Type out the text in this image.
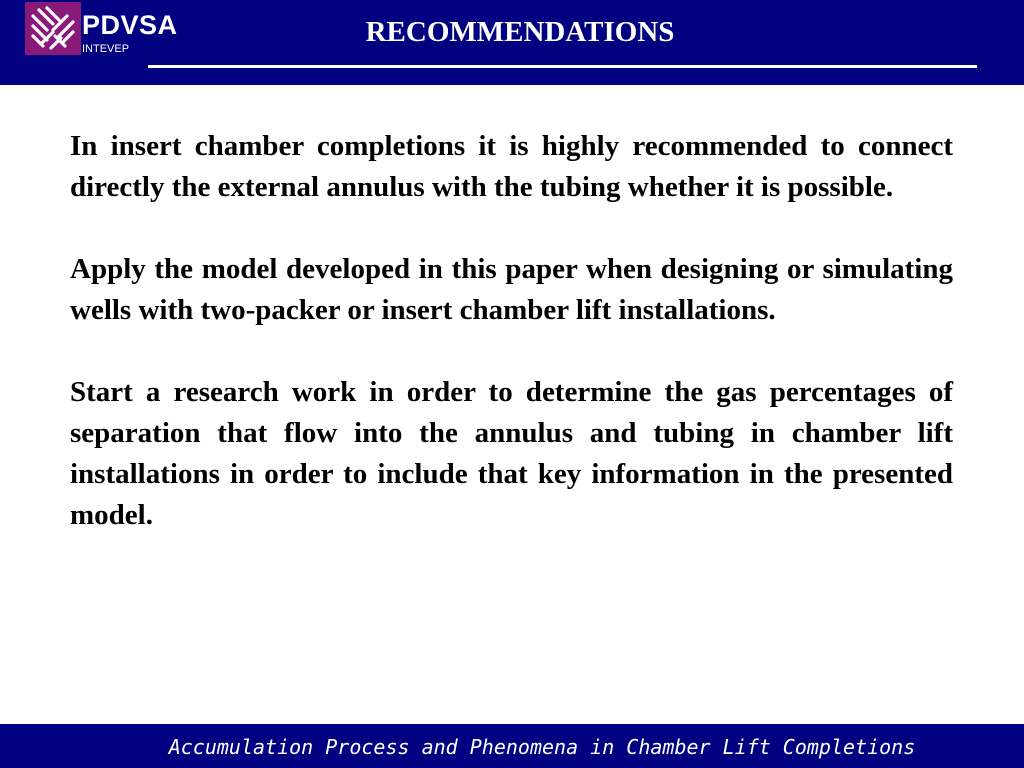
PDVSA
INTEVEP
RECOMMENDATIONS

In insert chamber completions it is highly recommended to connect directly the external annulus with the tubing whether it is possible.

Apply the model developed in this paper when designing or simulating wells with two-packer or insert chamber lift installations.

Start a research work in order to determine the gas percentages of separation that flow into the annulus and tubing in chamber lift installations in order to include that key information in the presented model.

Accumulation Process and Phenomena in Chamber Lift Completions
